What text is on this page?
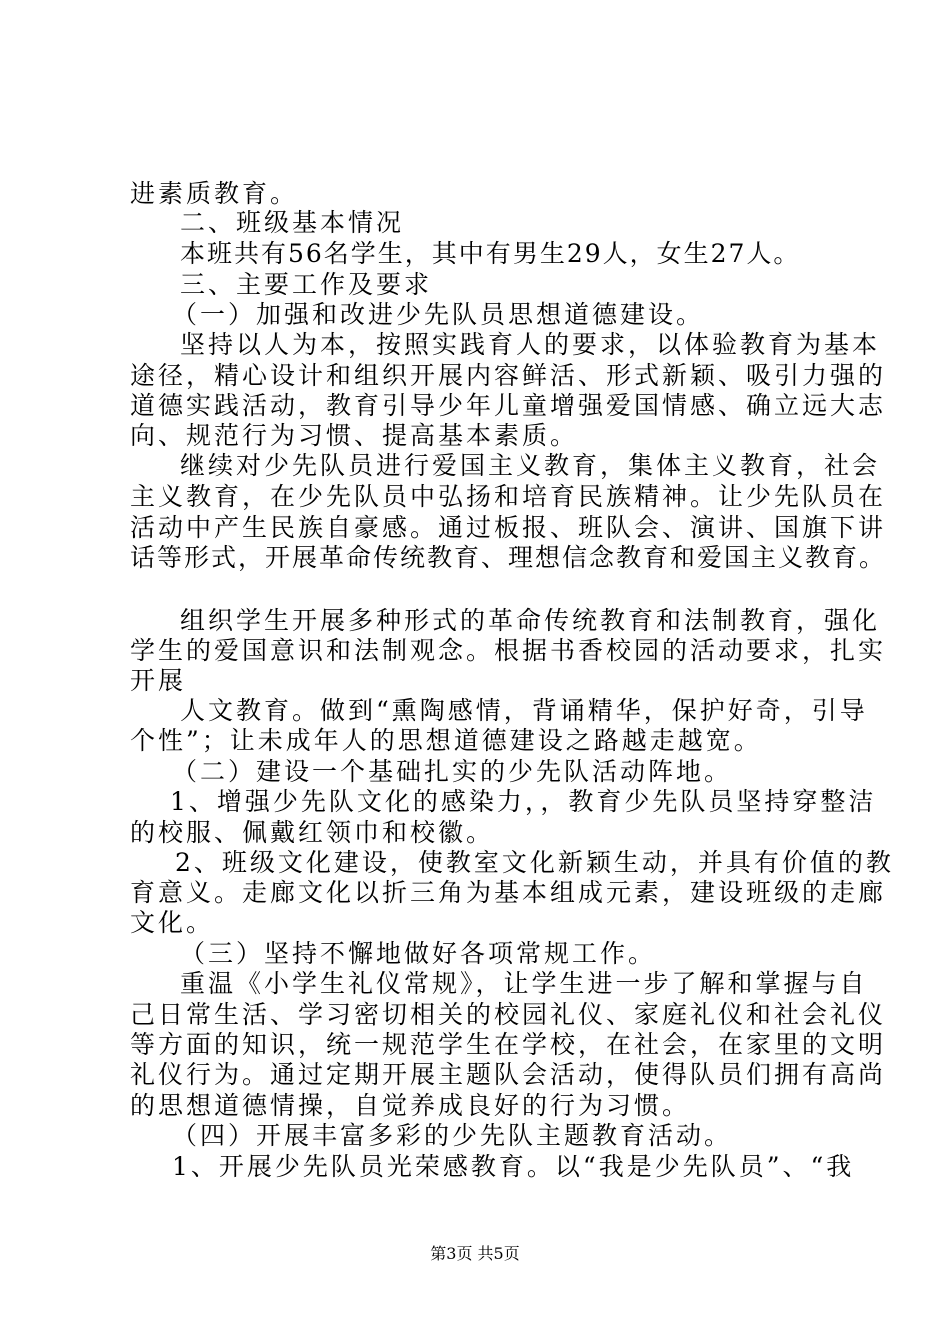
进素质教育。
二、班级基本情况
本班共有56名学生，其中有男生29人，女生27人。
三、主要工作及要求
（一）加强和改进少先队员思想道德建设。
坚持以人为本，按照实践育人的要求，以体验教育为基本
途径，精心设计和组织开展内容鲜活、形式新颖、吸引力强的
道德实践活动，教育引导少年儿童增强爱国情感、确立远大志
向、规范行为习惯、提高基本素质。
继续对少先队员进行爱国主义教育，集体主义教育，社会
主义教育，在少先队员中弘扬和培育民族精神。让少先队员在
活动中产生民族自豪感。通过板报、班队会、演讲、国旗下讲
话等形式，开展革命传统教育、理想信念教育和爱国主义教育。
组织学生开展多种形式的革命传统教育和法制教育，强化
学生的爱国意识和法制观念。根据书香校园的活动要求，扎实
开展
人文教育。做到“熏陶感情，背诵精华，保护好奇，引导
个性”；让未成年人的思想道德建设之路越走越宽。
（二）建设一个基础扎实的少先队活动阵地。
1、增强少先队文化的感染力，，教育少先队员坚持穿整洁
的校服、佩戴红领巾和校徽。
2、班级文化建设，使教室文化新颖生动，并具有价值的教
育意义。走廊文化以折三角为基本组成元素，建设班级的走廊
文化。
（三）坚持不懈地做好各项常规工作。
重温《小学生礼仪常规》，让学生进一步了解和掌握与自
己日常生活、学习密切相关的校园礼仪、家庭礼仪和社会礼仪
等方面的知识，统一规范学生在学校，在社会，在家里的文明
礼仪行为。通过定期开展主题队会活动，使得队员们拥有高尚
的思想道德情操，自觉养成良好的行为习惯。
（四）开展丰富多彩的少先队主题教育活动。
1、开展少先队员光荣感教育。以“我是少先队员”、“我
第3页 共5页
